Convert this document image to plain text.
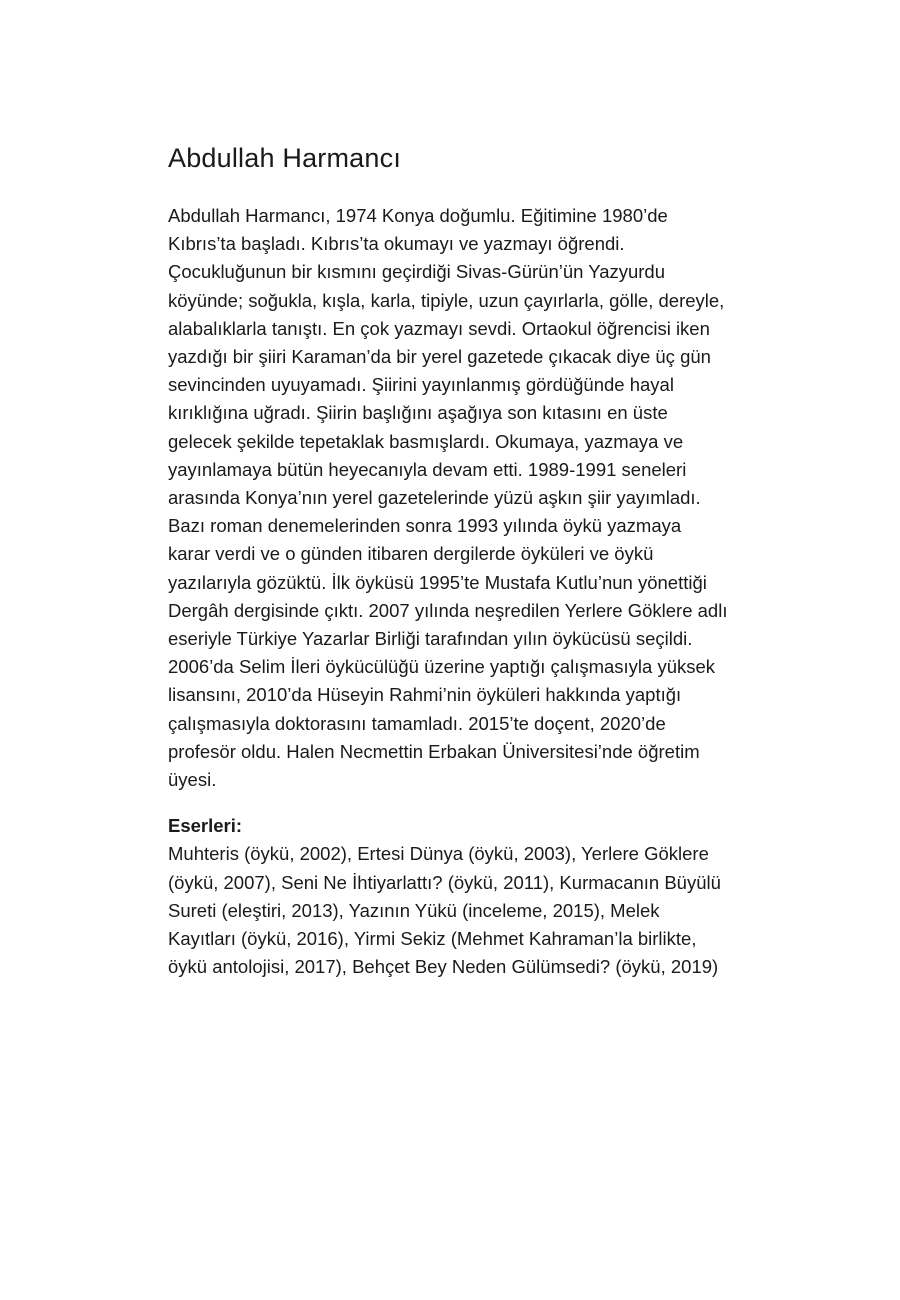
Abdullah Harmancı

Abdullah Harmancı, 1974 Konya doğumlu. Eğitimine 1980’de Kıbrıs’ta başladı. Kıbrıs’ta okumayı ve yazmayı öğrendi. Çocukluğunun bir kısmını geçirdiği Sivas-Gürün’ün Yazyurdu köyünde; soğukla, kışla, karla, tipiyle, uzun çayırlarla, gölle, dereyle, alabalıklarla tanıştı. En çok yazmayı sevdi. Ortaokul öğrencisi iken yazdığı bir şiiri Karaman’da bir yerel gazetede çıkacak diye üç gün sevincinden uyuyamadı. Şiirini yayınlanmış gördüğünde hayal kırıklığına uğradı. Şiirin başlığını aşağıya son kıtasını en üste gelecek şekilde tepetaklak basmışlardı. Okumaya, yazmaya ve yayınlamaya bütün heyecanıyla devam etti. 1989-1991 seneleri arasında Konya’nın yerel gazetelerinde yüzü aşkın şiir yayımladı. Bazı roman denemelerinden sonra 1993 yılında öykü yazmaya karar verdi ve o günden itibaren dergilerde öyküleri ve öykü yazılarıyla gözüktü. İlk öyküsü 1995’te Mustafa Kutlu’nun yönettiği Dergâh dergisinde çıktı. 2007 yılında neşredilen Yerlere Göklere adlı eseriyle Türkiye Yazarlar Birliği tarafından yılın öykücüsü seçildi. 2006’da Selim İleri öykücülüğü üzerine yaptığı çalışmasıyla yüksek lisansını, 2010’da Hüseyin Rahmi’nin öyküleri hakkında yaptığı çalışmasıyla doktorasını tamamladı. 2015’te doçent, 2020’de profesör oldu. Halen Necmettin Erbakan Üniversitesi’nde öğretim üyesi.

Eserleri:

Muhteris (öykü, 2002), Ertesi Dünya (öykü, 2003), Yerlere Göklere (öykü, 2007), Seni Ne İhtiyarlattı? (öykü, 2011), Kurmacanın Büyülü Sureti (eleştiri, 2013), Yazının Yükü (inceleme, 2015), Melek Kayıtları (öykü, 2016), Yirmi Sekiz (Mehmet Kahraman’la birlikte, öykü antolojisi, 2017), Behçet Bey Neden Gülümsedi? (öykü, 2019)
